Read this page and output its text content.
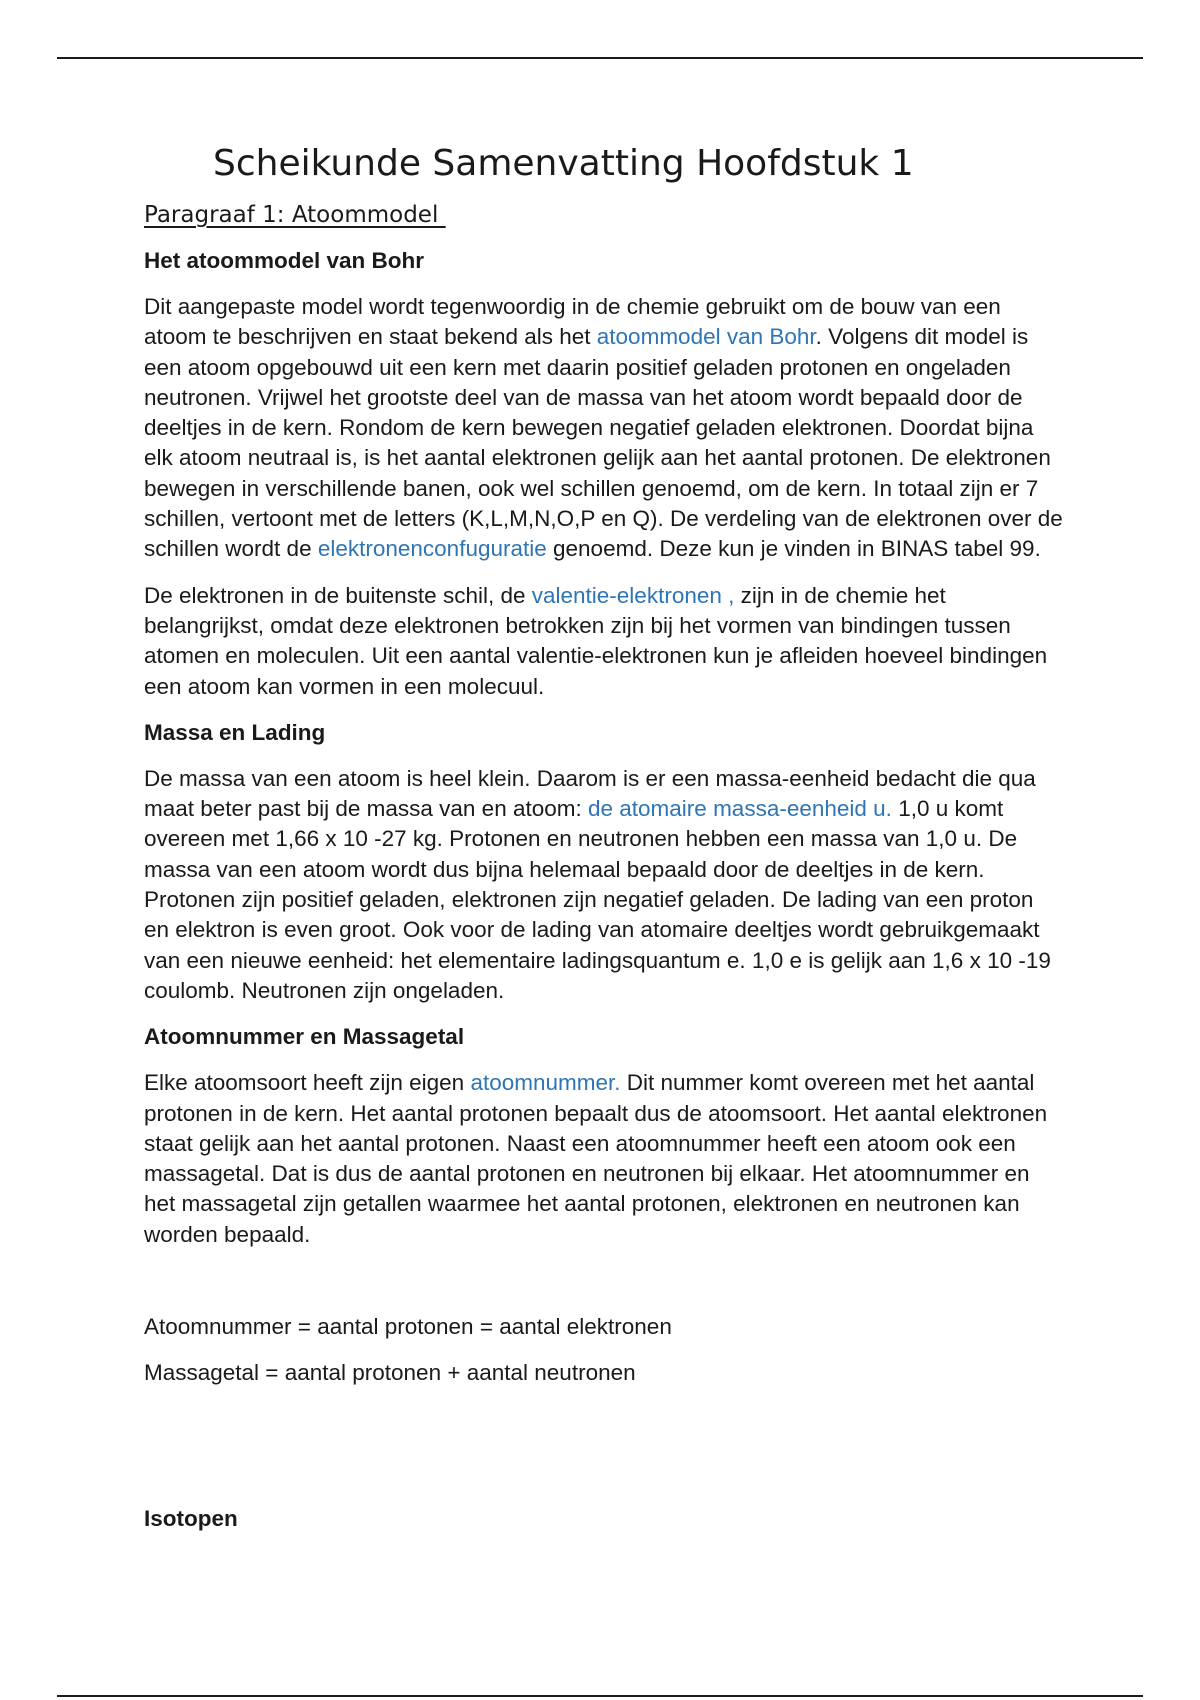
Scheikunde Samenvatting Hoofdstuk 1
Paragraaf 1: Atoommodel
Het atoommodel van Bohr

Dit aangepaste model wordt tegenwoordig in de chemie gebruikt om de bouw van een atoom te beschrijven en staat bekend als het atoommodel van Bohr. Volgens dit model is een atoom opgebouwd uit een kern met daarin positief geladen protonen en ongeladen neutronen. Vrijwel het grootste deel van de massa van het atoom wordt bepaald door de deeltjes in de kern. Rondom de kern bewegen negatief geladen elektronen. Doordat bijna elk atoom neutraal is, is het aantal elektronen gelijk aan het aantal protonen. De elektronen bewegen in verschillende banen, ook wel schillen genoemd, om de kern. In totaal zijn er 7 schillen, vertoont met de letters (K,L,M,N,O,P en Q). De verdeling van de elektronen over de schillen wordt de elektronenconfuguratie genoemd. Deze kun je vinden in BINAS tabel 99.

De elektronen in de buitenste schil, de valentie-elektronen , zijn in de chemie het belangrijkst, omdat deze elektronen betrokken zijn bij het vormen van bindingen tussen atomen en moleculen. Uit een aantal valentie-elektronen kun je afleiden hoeveel bindingen een atoom kan vormen in een molecuul.

Massa en Lading

De massa van een atoom is heel klein. Daarom is er een massa-eenheid bedacht die qua maat beter past bij de massa van en atoom: de atomaire massa-eenheid u. 1,0 u komt overeen met 1,66 x 10 -27 kg. Protonen en neutronen hebben een massa van 1,0 u. De massa van een atoom wordt dus bijna helemaal bepaald door de deeltjes in de kern. Protonen zijn positief geladen, elektronen zijn negatief geladen. De lading van een proton en elektron is even groot. Ook voor de lading van atomaire deeltjes wordt gebruikgemaakt van een nieuwe eenheid: het elementaire ladingsquantum e. 1,0 e is gelijk aan 1,6 x 10 -19 coulomb. Neutronen zijn ongeladen.

Atoomnummer en Massagetal

Elke atoomsoort heeft zijn eigen atoomnummer. Dit nummer komt overeen met het aantal protonen in de kern. Het aantal protonen bepaalt dus de atoomsoort. Het aantal elektronen staat gelijk aan het aantal protonen. Naast een atoomnummer heeft een atoom ook een massagetal. Dat is dus de aantal protonen en neutronen bij elkaar. Het atoomnummer en het massagetal zijn getallen waarmee het aantal protonen, elektronen en neutronen kan worden bepaald.

Atoomnummer = aantal protonen = aantal elektronen
Massagetal = aantal protonen + aantal neutronen
Isotopen
